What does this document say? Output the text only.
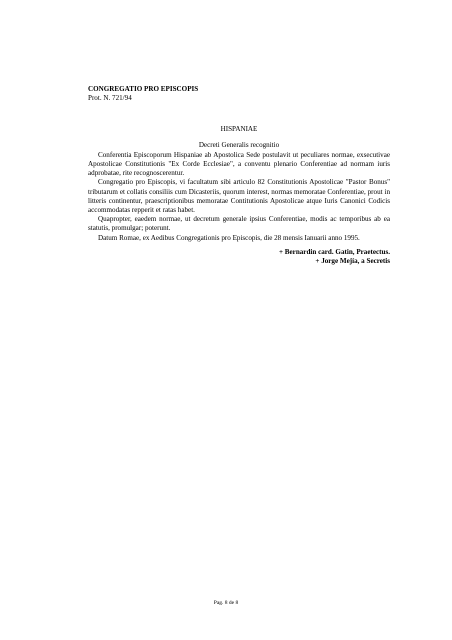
CONGREGATIO PRO EPISCOPIS

Prot. N. 721/94

HISPANIAE

Decreti Generalis recognitio

Conferentia Episcoporum Hispaniae ab Apostolica Sede postulavit ut peculiares normae, exsecutivae Apostolicae Constitutionis "Ex Corde Ecclesiae", a conventu plenario Conferentiae ad normam iuris adprobatae, rite recognoscerentur.

Congregatio pro Episcopis, vi facultatum sibi articulo 82 Constitutionis Apostolicae "Pastor Bonus" tributarum et collatis consiliis cum Dicasteriis, quorum interest, normas memoratae Conferentiae, prout in litteris continentur, praescriptionibus memoratae Contitutionis Apostolicae atque Iuris Canonici Codicis accommodatas repperit et ratas habet.

Quapropter, eaedem normae, ut decretum generale ipsius Conferentiae, modis ac temporibus ab ea statutis, promulgar; poterunt.

Datum Romae, ex Aedibus Congregationis pro Episcopis, die 28 mensis Ianuarii anno 1995.

+ Bernardin card. Gatin, Praetectus.

+ Jorge Mejía, a Secretis

Pag. 8 de 8
